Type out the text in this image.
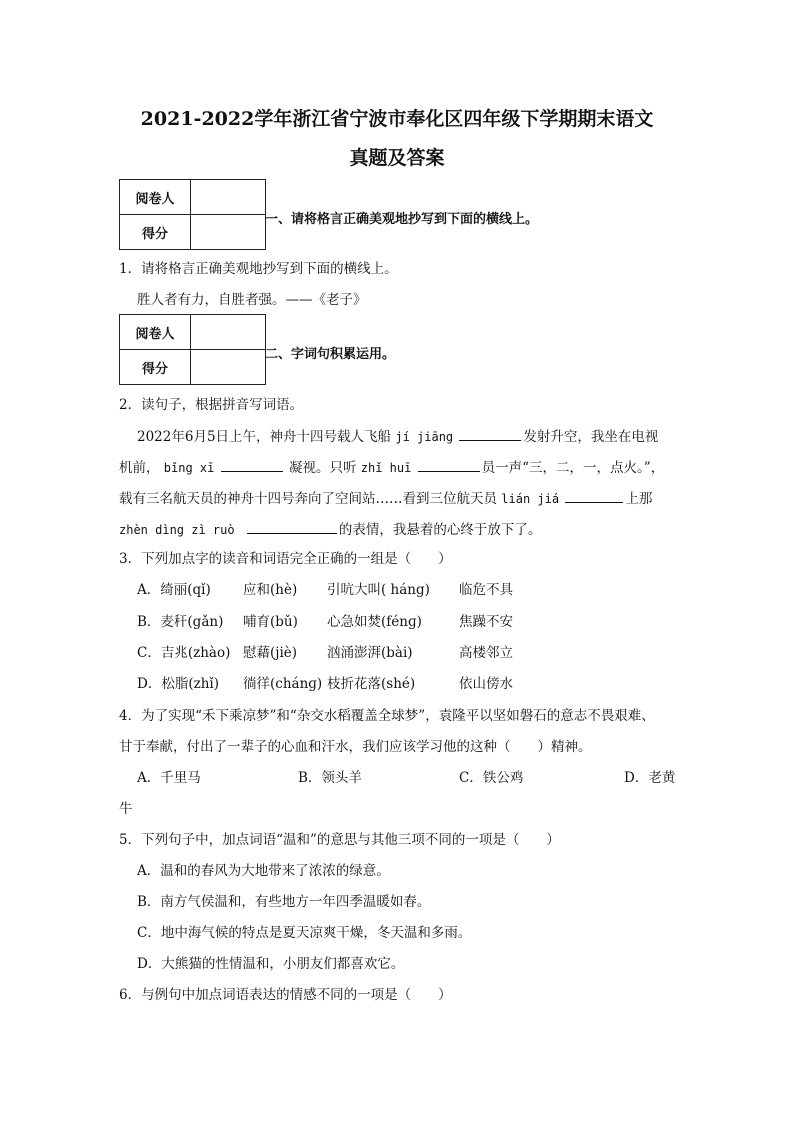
2021-2022学年浙江省宁波市奉化区四年级下学期期末语文
真题及答案
阅卷人	
得分	
一、请将格言正确美观地抄写到下面的横线上。
1．请将格言正确美观地抄写到下面的横线上。
胜人者有力，自胜者强。——《老子》
阅卷人	
得分	
二、字词句积累运用。
2．读句子，根据拼音写词语。
2022年6月5日上午，神舟十四号载人飞船 jí jiāng	发射升空，我坐在电视
机前， bǐng xī	凝视。只听 zhǐ huī	员一声“三，二，一，点火。”，
载有三名航天员的神舟十四号奔向了空间站……看到三位航天员 lián jiá	上那
zhèn dìng zì ruò	的表情，我悬着的心终于放下了。
3．下列加点字的读音和词语完全正确的一组是（　　）
A．绮丽(qǐ) 应和(hè) 引吭大叫( háng) 临危不具
B．麦秆(gǎn) 哺育(bǔ) 心急如焚(fénɡ)	焦躁不安
C．吉兆(zhào) 慰藉(jiè) 汹涌澎湃(bài)	高楼邻立
D．松脂(zhǐ) 徜徉(chánɡ) 枝折花落(shé)	依山傍水
4．为了实现“禾下乘凉梦”和“杂交水稻覆盖全球梦”，袁隆平以坚如磐石的意志不畏艰难、
甘于奉献，付出了一辈子的心血和汗水，我们应该学习他的这种（　　）精神。
A．千里马	B．领头羊	C．铁公鸡	D．老黄
牛
5．下列句子中，加点词语“温和”的意思与其他三项不同的一项是（　　）
A．温和的春风为大地带来了浓浓的绿意。
B．南方气侯温和，有些地方一年四季温暖如春。
C．地中海气候的特点是夏天凉爽干燥，冬天温和多雨。
D．大熊猫的性情温和，小朋友们都喜欢它。
6．与例句中加点词语表达的情感不同的一项是（　　）
